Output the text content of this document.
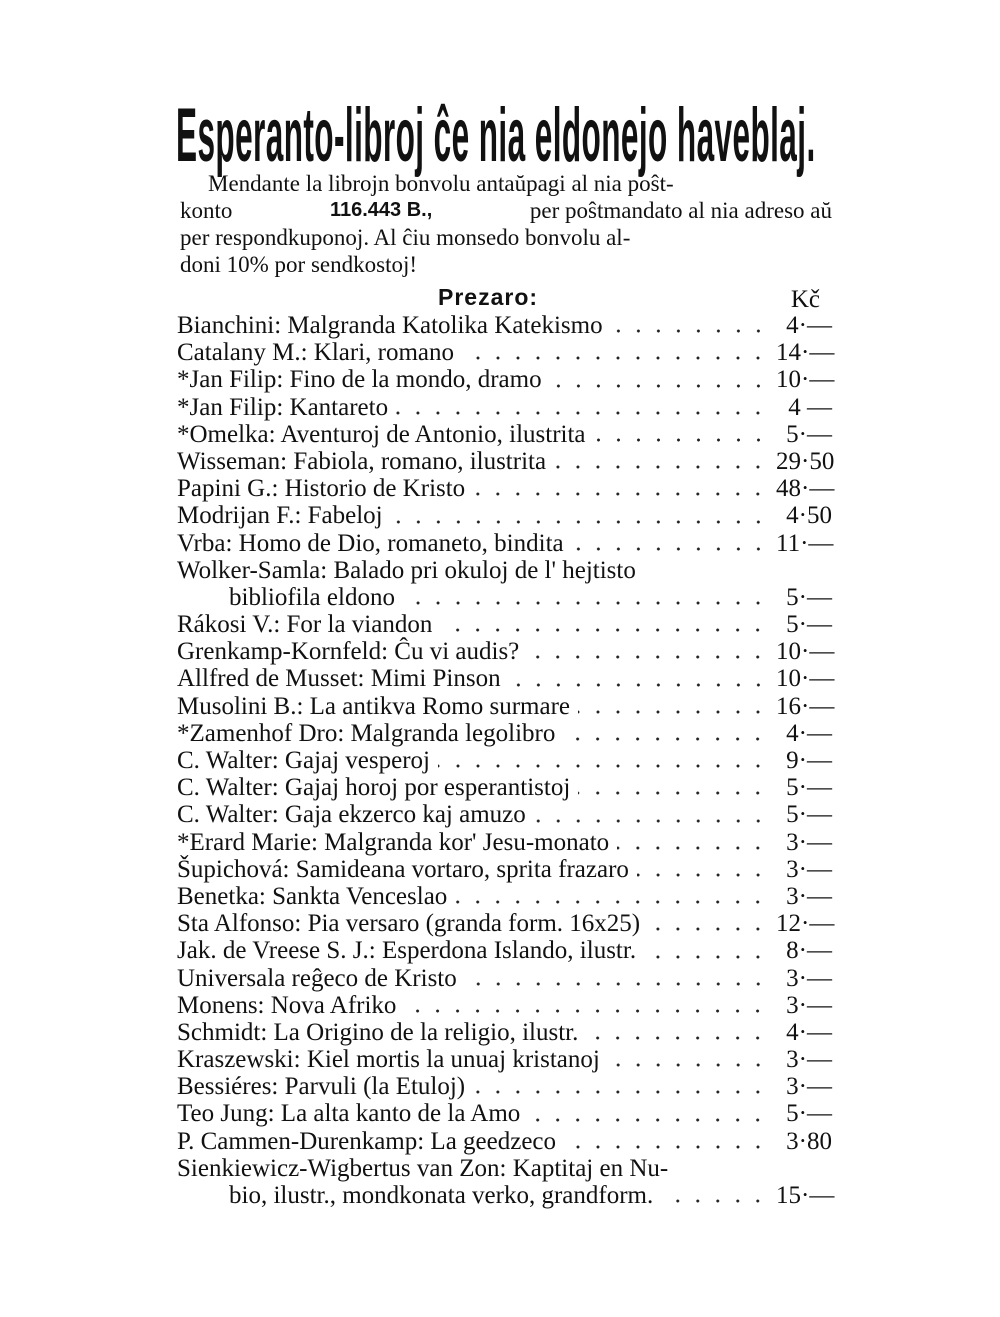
Esperanto-libroj ĉe nia eldonejo haveblaj.
Mendante la librojn bonvolu antaŭpagi al nia poŝt-
konto	116.443 B.,	per poŝtmandato al nia adreso aŭ
per respondkuponoj. Al ĉiu monsedo bonvolu al-
doni 10% por sendkostoj!
Prezaro:	Kč
Bianchini: Malgranda Katolika Katekismo	4·—
Catalany M.: Klari, romano	14·—
*Jan Filip: Fino de la mondo, dramo	10·—
*Jan Filip: Kantareto	4 —
*Omelka: Aventuroj de Antonio, ilustrita	5·—
Wisseman: Fabiola, romano, ilustrita	29·50
Papini G.: Historio de Kristo	48·—
Modrijan F.: Fabeloj	4·50
Vrba: Homo de Dio, romaneto, bindita	11·—
Wolker-Samla: Balado pri okuloj de l' hejtisto
bibliofila eldono	5·—
Rákosi V.: For la viandon	5·—
Grenkamp-Kornfeld: Ĉu vi audis?	10·—
Allfred de Musset: Mimi Pinson	10·—
Musolini B.: La antikva Romo surmare	16·—
*Zamenhof Dro: Malgranda legolibro	4·—
C. Walter: Gajaj vesperoj	9·—
C. Walter: Gajaj horoj por esperantistoj	5·—
C. Walter: Gaja ekzerco kaj amuzo	5·—
*Erard Marie: Malgranda kor' Jesu-monato	3·—
Šupichová: Samideana vortaro, sprita frazaro	3·—
Benetka: Sankta Venceslao	3·—
Sta Alfonso: Pia versaro (granda form. 16x25)	12·—
Jak. de Vreese S. J.: Esperdona Islando, ilustr.	8·—
Universala reĝeco de Kristo	3·—
Monens: Nova Afriko	3·—
Schmidt: La Origino de la religio, ilustr.	4·—
Kraszewski: Kiel mortis la unuaj kristanoj	3·—
Bessiéres: Parvuli (la Etuloj)	3·—
Teo Jung: La alta kanto de la Amo	5·—
P. Cammen-Durenkamp: La geedzeco	3·80
Sienkiewicz-Wigbertus van Zon: Kaptitaj en Nu-
bio, ilustr., mondkonata verko, grandform.	15·—
